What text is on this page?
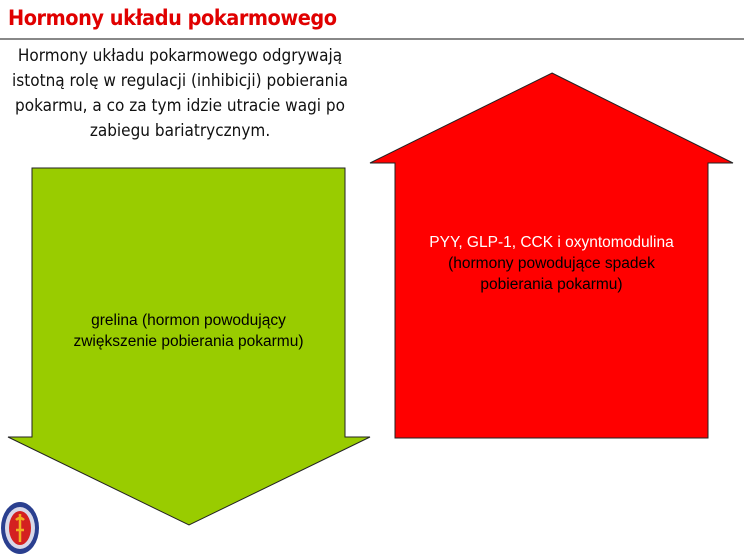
Hormony układu pokarmowego
Hormony układu pokarmowego odgrywają istotną rolę w regulacji (inhibicji) pobierania pokarmu, a co za tym idzie utracie wagi po zabiegu bariatrycznym.
grelina (hormon powodujący
zwiększenie pobierania pokarmu)
PYY, GLP-1, CCK i oxyntomodulina
(hormony powodujące spadek
pobierania pokarmu)
